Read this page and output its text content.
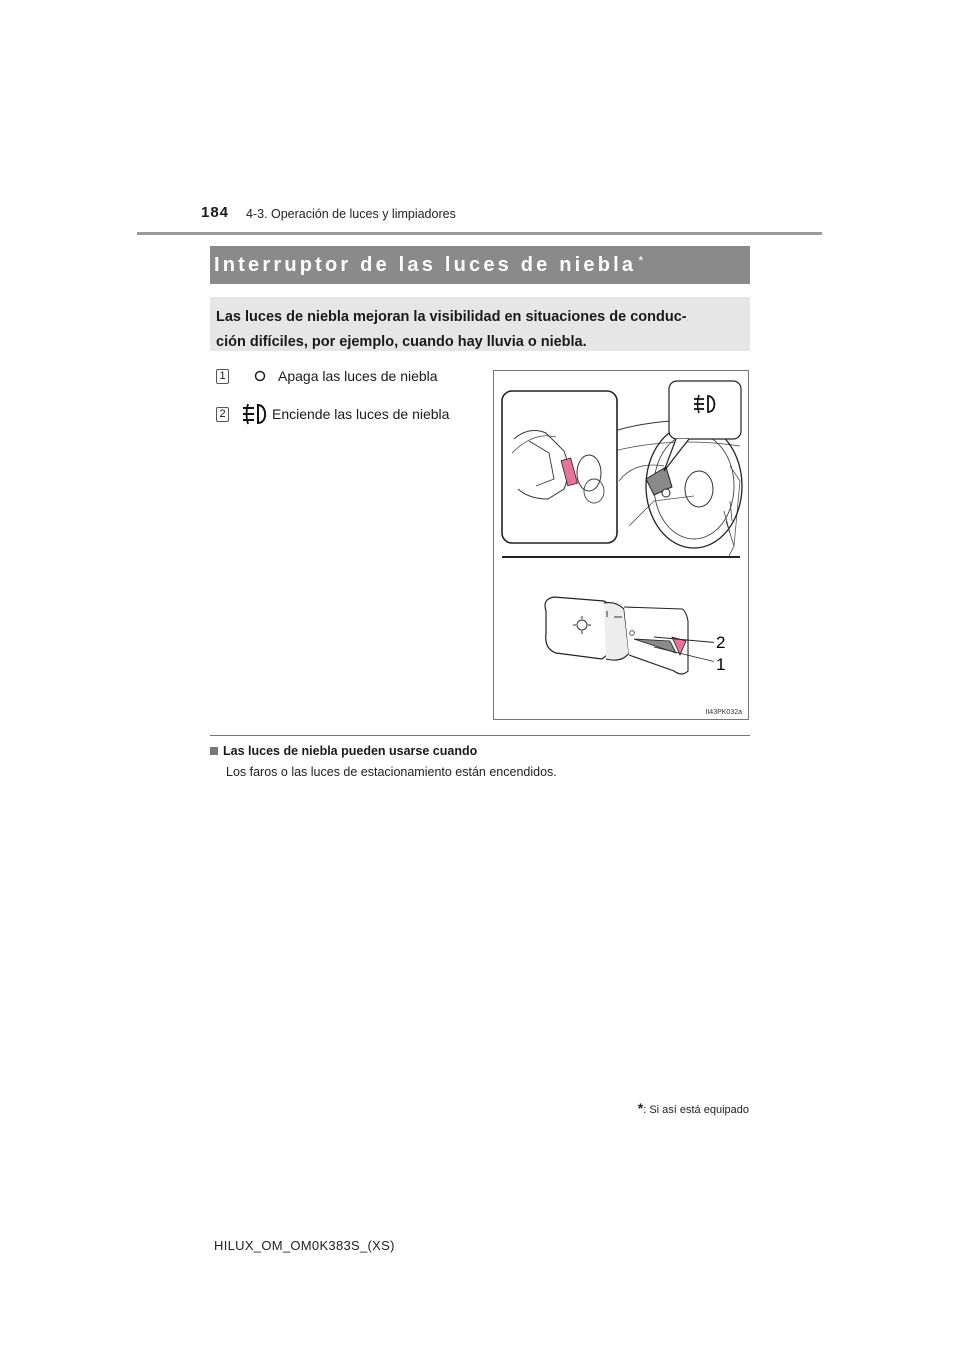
184 4-3. Operación de luces y limpiadores
Interruptor de las luces de niebla*
Las luces de niebla mejoran la visibilidad en situaciones de conduc-
ción difíciles, por ejemplo, cuando hay lluvia o niebla.
1	Apaga las luces de niebla
2	Enciende las luces de niebla
2
1
II43PK032a
Las luces de niebla pueden usarse cuando
Los faros o las luces de estacionamiento están encendidos.
*: Si así está equipado
HILUX_OM_OM0K383S_(XS)
